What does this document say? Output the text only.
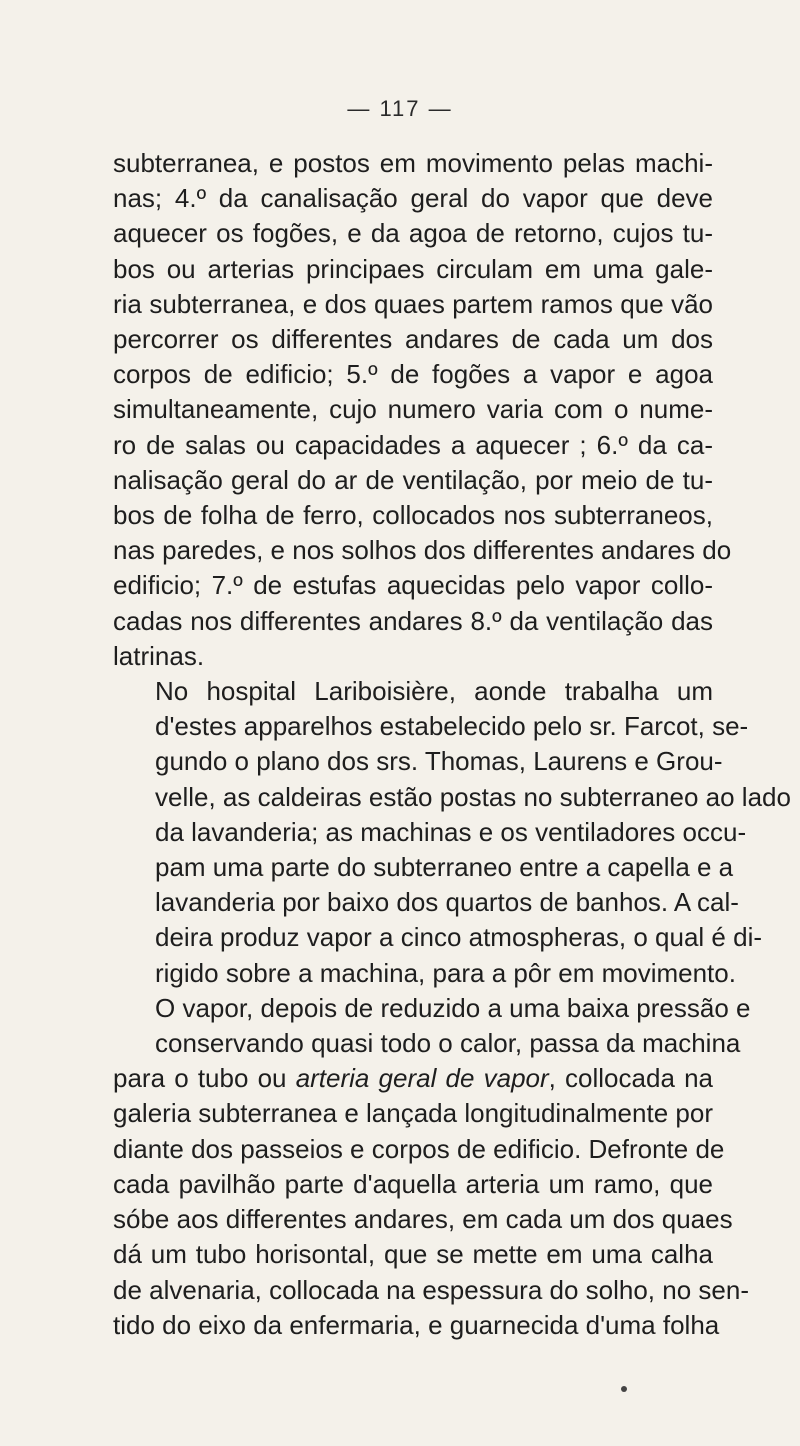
— 117 —

subterranea, e postos em movimento pelas machi-
nas; 4.º da canalisação geral do vapor que deve
aquecer os fogões, e da agoa de retorno, cujos tu-
bos ou arterias principaes circulam em uma gale-
ria subterranea, e dos quaes partem ramos que vão
percorrer os differentes andares de cada um dos
corpos de edificio; 5.º de fogões a vapor e agoa
simultaneamente, cujo numero varia com o nume-
ro de salas ou capacidades a aquecer ; 6.º da ca-
nalisação geral do ar de ventilação, por meio de tu-
bos de folha de ferro, collocados nos subterraneos,
nas paredes, e nos solhos dos differentes andares do
edificio; 7.º de estufas aquecidas pelo vapor collo-
cadas nos differentes andares 8.º da ventilação das
latrinas.

No hospital Lariboisière, aonde trabalha um
d'estes apparelhos estabelecido pelo sr. Farcot, se-
gundo o plano dos srs. Thomas, Laurens e Grou-
velle, as caldeiras estão postas no subterraneo ao lado
da lavanderia; as machinas e os ventiladores occu-
pam uma parte do subterraneo entre a capella e a
lavanderia por baixo dos quartos de banhos. A cal-
deira produz vapor a cinco atmospheras, o qual é di-
rigido sobre a machina, para a pôr em movimento.
O vapor, depois de reduzido a uma baixa pressão e
conservando quasi todo o calor, passa da machina
para o tubo ou arteria geral de vapor, collocada na
galeria subterranea e lançada longitudinalmente por
diante dos passeios e corpos de edificio. Defronte de
cada pavilhão parte d'aquella arteria um ramo, que
sóbe aos differentes andares, em cada um dos quaes
dá um tubo horisontal, que se mette em uma calha
de alvenaria, collocada na espessura do solho, no sen-
tido do eixo da enfermaria, e guarnecida d'uma folha
